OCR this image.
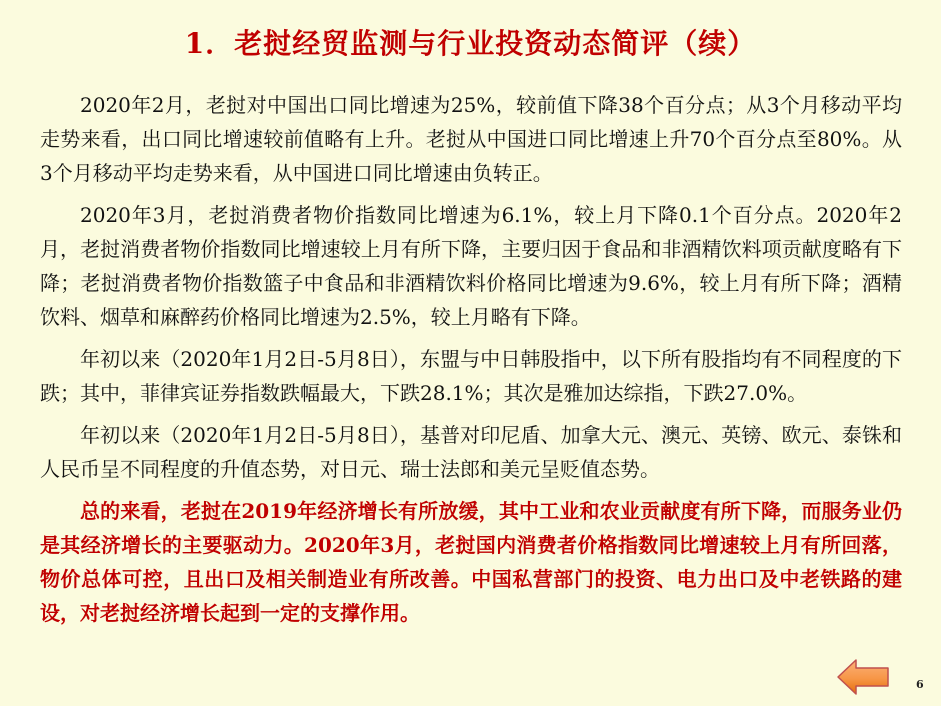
1．老挝经贸监测与行业投资动态简评（续）

2020年2月，老挝对中国出口同比增速为25%，较前值下降38个百分点；从3个月移动平均走势来看，出口同比增速较前值略有上升。老挝从中国进口同比增速上升70个百分点至80%。从3个月移动平均走势来看，从中国进口同比增速由负转正。

2020年3月，老挝消费者物价指数同比增速为6.1%，较上月下降0.1个百分点。2020年2月，老挝消费者物价指数同比增速较上月有所下降，主要归因于食品和非酒精饮料项贡献度略有下降；老挝消费者物价指数篮子中食品和非酒精饮料价格同比增速为9.6%，较上月有所下降；酒精饮料、烟草和麻醉药价格同比增速为2.5%，较上月略有下降。

年初以来（2020年1月2日-5月8日），东盟与中日韩股指中，以下所有股指均有不同程度的下跌；其中，菲律宾证券指数跌幅最大，下跌28.1%；其次是雅加达综指，下跌27.0%。

年初以来（2020年1月2日-5月8日），基普对印尼盾、加拿大元、澳元、英镑、欧元、泰铢和人民币呈不同程度的升值态势，对日元、瑞士法郎和美元呈贬值态势。

总的来看，老挝在2019年经济增长有所放缓，其中工业和农业贡献度有所下降，而服务业仍是其经济增长的主要驱动力。2020年3月，老挝国内消费者价格指数同比增速较上月有所回落，物价总体可控，且出口及相关制造业有所改善。中国私营部门的投资、电力出口及中老铁路的建设，对老挝经济增长起到一定的支撑作用。

6
